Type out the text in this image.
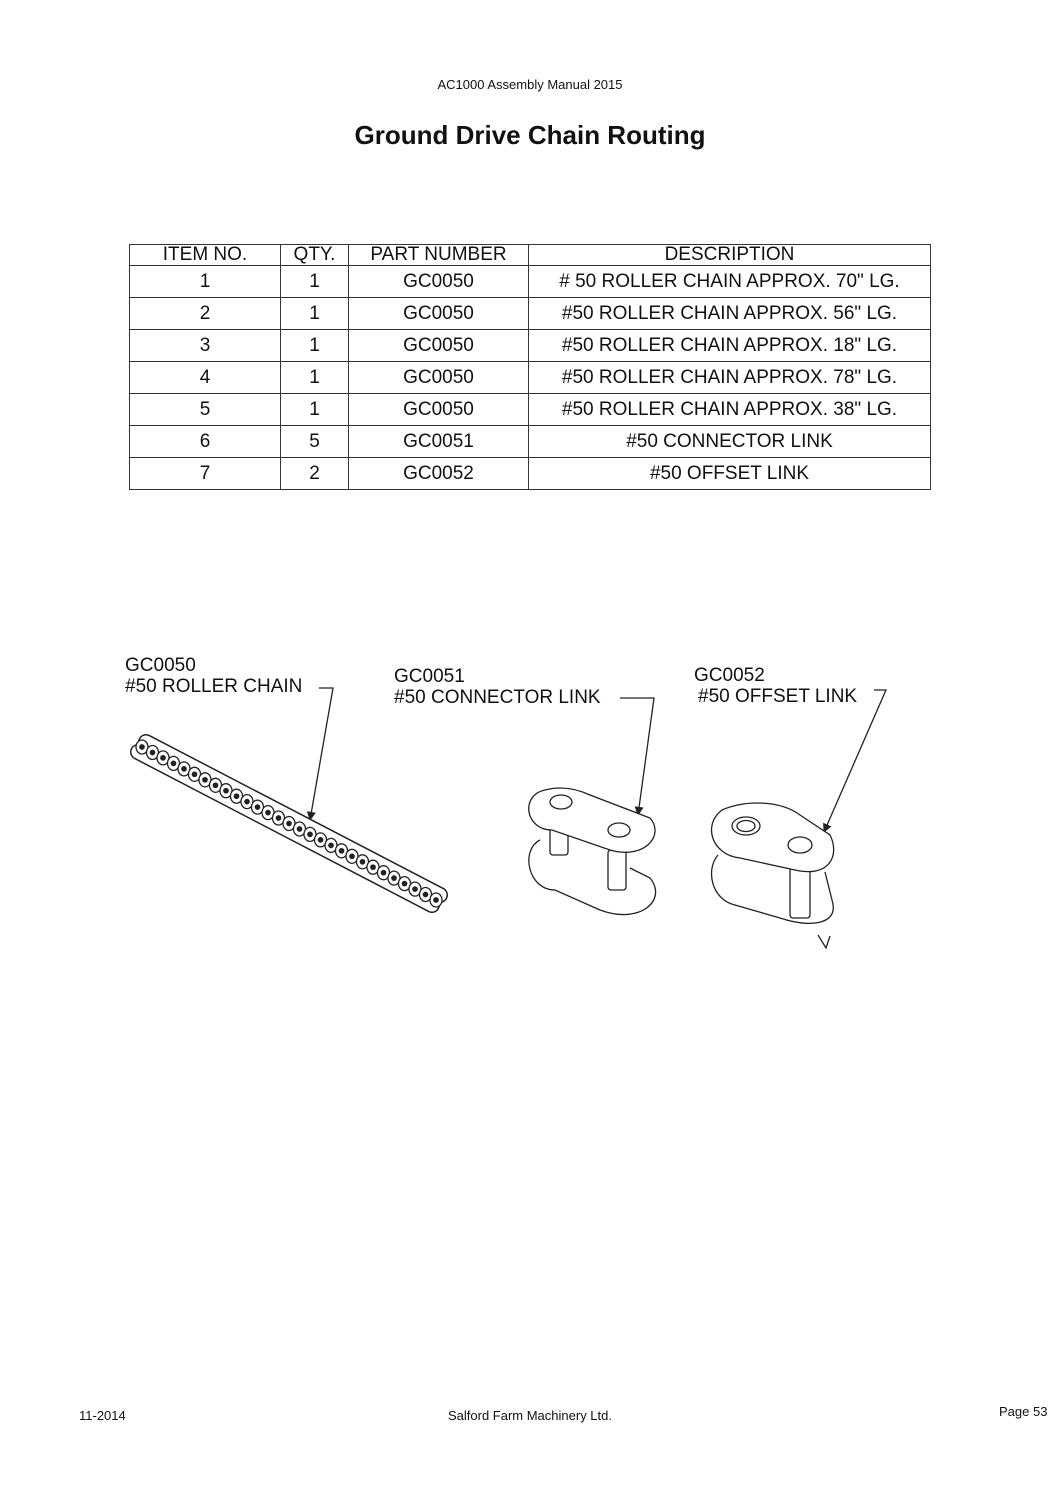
AC1000 Assembly Manual 2015
Ground Drive Chain Routing
ITEM NO.	QTY.	PART NUMBER	DESCRIPTION
1	1	GC0050	# 50 ROLLER CHAIN APPROX. 70" LG.
2	1	GC0050	#50 ROLLER CHAIN APPROX. 56" LG.
3	1	GC0050	#50 ROLLER CHAIN APPROX. 18" LG.
4	1	GC0050	#50 ROLLER CHAIN APPROX. 78" LG.
5	1	GC0050	#50 ROLLER CHAIN APPROX. 38" LG.
6	5	GC0051	#50 CONNECTOR LINK
7	2	GC0052	#50 OFFSET LINK
GC0050
#50 ROLLER CHAIN	GC0051
#50 CONNECTOR LINK
GC0052
#50 OFFSET LINK
11-2014	Salford Farm Machinery Ltd.	Page 53
